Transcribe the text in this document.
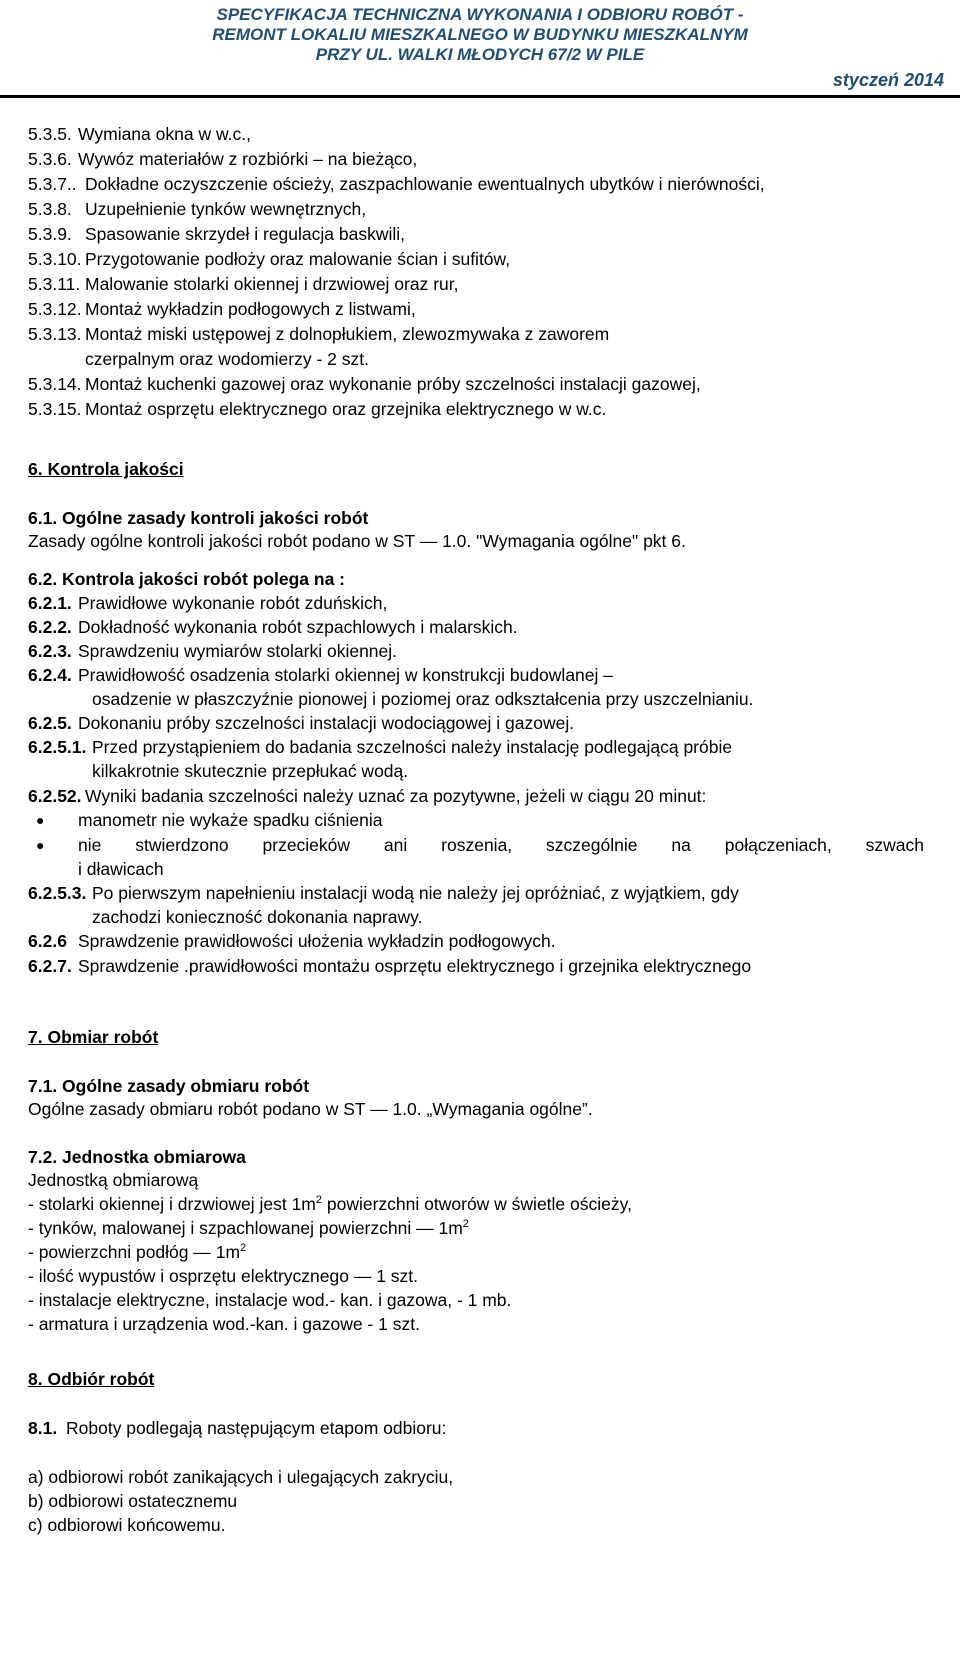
SPECYFIKACJA TECHNICZNA WYKONANIA I ODBIORU ROBÓT -
REMONT LOKALIU MIESZKALNEGO W BUDYNKU MIESZKALNYM
PRZY UL. WALKI MŁODYCH 67/2 W PILE
styczeń 2014
5.3.5. Wymiana okna w w.c.,
5.3.6. Wywóz materiałów z rozbiórki – na bieżąco,
5.3.7.. Dokładne oczyszczenie ościeży, zaszpachlowanie ewentualnych ubytków i nierówności,
5.3.8. Uzupełnienie tynków wewnętrznych,
5.3.9. Spasowanie skrzydeł i regulacja baskwili,
5.3.10. Przygotowanie podłoży oraz malowanie ścian i sufitów,
5.3.11. Malowanie stolarki okiennej i drzwiowej oraz rur,
5.3.12. Montaż wykładzin podłogowych z listwami,
5.3.13. Montaż miski ustępowej z dolnopłukiem, zlewozmywaka z zaworem
czerpalnym oraz wodomierzy - 2 szt.
5.3.14. Montaż kuchenki gazowej oraz wykonanie próby szczelności instalacji gazowej,
5.3.15. Montaż osprzętu elektrycznego oraz grzejnika elektrycznego w w.c.
6. Kontrola jakości
6.1. Ogólne zasady kontroli jakości robót
Zasady ogólne kontroli jakości robót podano w ST — 1.0. "Wymagania ogólne" pkt 6.
6.2. Kontrola jakości robót polega na :
6.2.1. Prawidłowe wykonanie robót zduńskich,
6.2.2. Dokładność wykonania robót szpachlowych i malarskich.
6.2.3. Sprawdzeniu wymiarów stolarki okiennej.
6.2.4. Prawidłowość osadzenia stolarki okiennej w konstrukcji budowlanej –
osadzenie w płaszczyźnie pionowej i poziomej oraz odkształcenia przy uszczelnianiu.
6.2.5. Dokonaniu próby szczelności instalacji wodociągowej i gazowej.
6.2.5.1. Przed przystąpieniem do badania szczelności należy instalację podlegającą próbie
kilkakrotnie skutecznie przepłukać wodą.
6.2.52. Wyniki badania szczelności należy uznać za pozytywne, jeżeli w ciągu 20 minut:
● manometr nie wykaże spadku ciśnienia
● nie stwierdzono przecieków ani roszenia, szczególnie na połączeniach, szwach
i dławicach
6.2.5.3. Po pierwszym napełnieniu instalacji wodą nie należy jej opróżniać, z wyjątkiem, gdy
zachodzi konieczność dokonania naprawy.
6.2.6 Sprawdzenie prawidłowości ułożenia wykładzin podłogowych.
6.2.7. Sprawdzenie .prawidłowości montażu osprzętu elektrycznego i grzejnika elektrycznego
7. Obmiar robót
7.1. Ogólne zasady obmiaru robót
Ogólne zasady obmiaru robót podano w ST — 1.0. „Wymagania ogólne”.
7.2. Jednostka obmiarowa
Jednostką obmiarową
- stolarki okiennej i drzwiowej jest $1m^2$ powierzchni otworów w świetle ościeży,
- tynków, malowanej i szpachlowanej powierzchni — $1m^2$
- powierzchni podłóg — $1m^2$
- ilość wypustów i osprzętu elektrycznego — 1 szt.
- instalacje elektryczne, instalacje wod.- kan. i gazowa, - 1 mb.
- armatura i urządzenia wod.-kan. i gazowe - 1 szt.
8. Odbiór robót
8.1. Roboty podlegają następującym etapom odbioru:
a) odbiorowi robót zanikających i ulegających zakryciu,
b) odbiorowi ostatecznemu
c) odbiorowi końcowemu.
